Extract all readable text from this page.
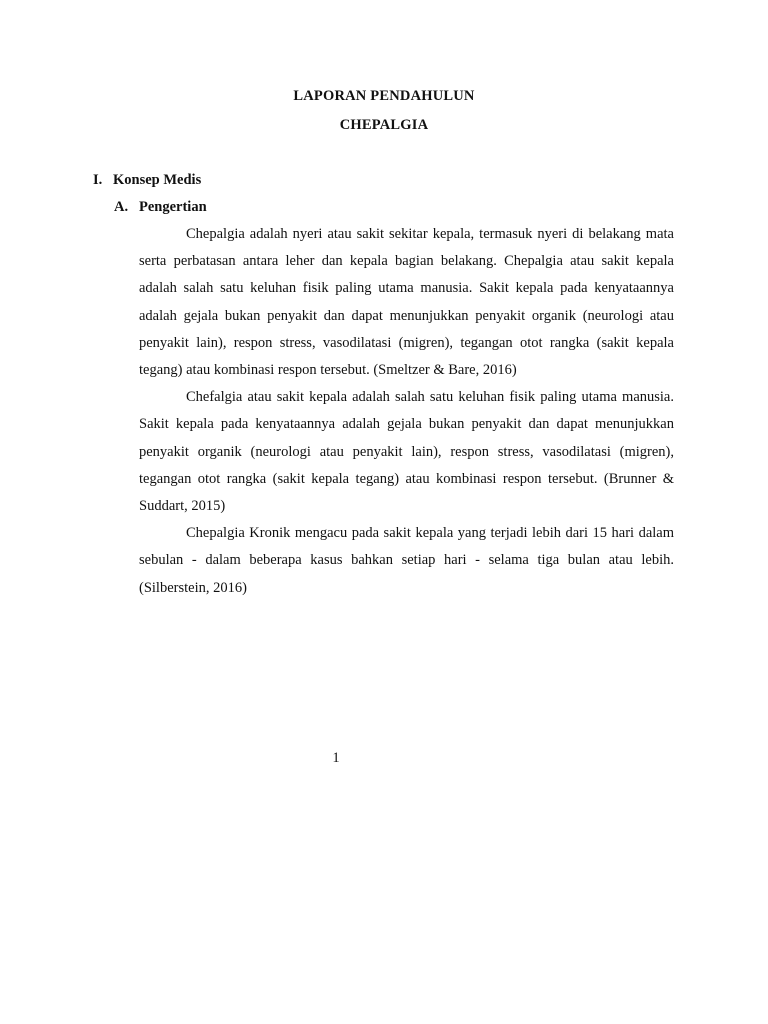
LAPORAN PENDAHULUN
CHEPALGIA
I. Konsep Medis
A. Pengertian

Chepalgia adalah nyeri atau sakit sekitar kepala, termasuk nyeri di belakang mata serta perbatasan antara leher dan kepala bagian belakang. Chepalgia atau sakit kepala adalah salah satu keluhan fisik paling utama manusia. Sakit kepala pada kenyataannya adalah gejala bukan penyakit dan dapat menunjukkan penyakit organik (neurologi atau penyakit lain), respon stress, vasodilatasi (migren), tegangan otot rangka (sakit kepala tegang) atau kombinasi respon tersebut. (Smeltzer & Bare, 2016)

Chefalgia atau sakit kepala adalah salah satu keluhan fisik paling utama manusia. Sakit kepala pada kenyataannya adalah gejala bukan penyakit dan dapat menunjukkan penyakit organik (neurologi atau penyakit lain), respon stress, vasodilatasi (migren), tegangan otot rangka (sakit kepala tegang) atau kombinasi respon tersebut. (Brunner & Suddart, 2015)

Chepalgia Kronik mengacu pada sakit kepala yang terjadi lebih dari 15 hari dalam sebulan - dalam beberapa kasus bahkan setiap hari - selama tiga bulan atau lebih. (Silberstein, 2016)

1
